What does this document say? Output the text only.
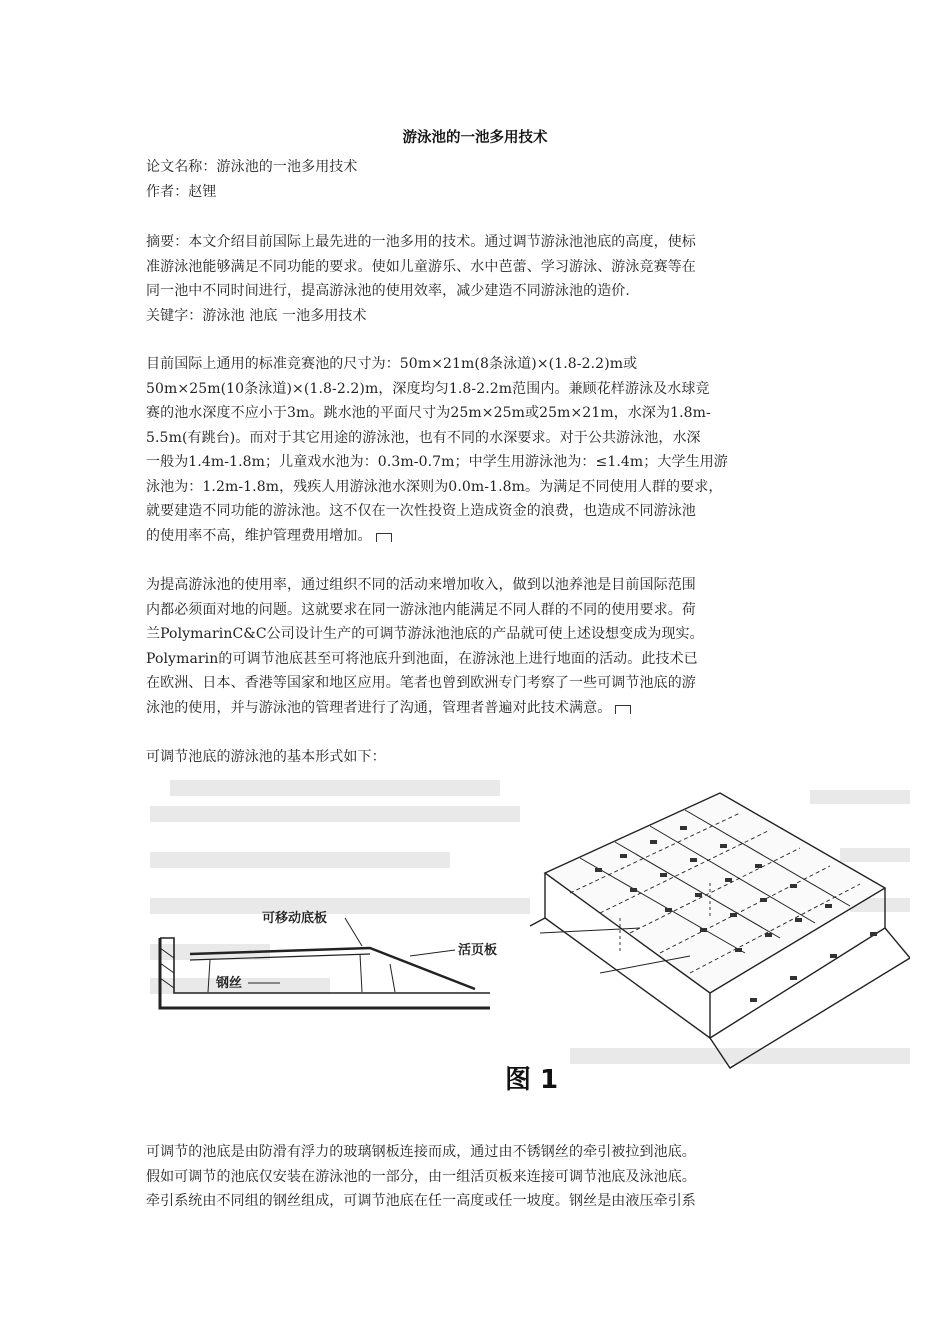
游泳池的一池多用技术
论文名称：游泳池的一池多用技术
作者：赵锂
摘要：本文介绍目前国际上最先进的一池多用的技术。通过调节游泳池池底的高度，使标
准游泳池能够满足不同功能的要求。使如儿童游乐、水中芭蕾、学习游泳、游泳竞赛等在
同一池中不同时间进行，提高游泳池的使用效率，减少建造不同游泳池的造价.
关键字：游泳池 池底 一池多用技术
目前国际上通用的标准竞赛池的尺寸为：50m×21m(8条泳道)×(1.8-2.2)m或
50m×25m(10条泳道)×(1.8-2.2)m，深度均匀1.8-2.2m范围内。兼顾花样游泳及水球竞
赛的池水深度不应小于3m。跳水池的平面尺寸为25m×25m或25m×21m，水深为1.8m-
5.5m(有跳台)。而对于其它用途的游泳池，也有不同的水深要求。对于公共游泳池，水深
一般为1.4m-1.8m；儿童戏水池为：0.3m-0.7m；中学生用游泳池为：≤1.4m；大学生用游
泳池为：1.2m-1.8m，残疾人用游泳池水深则为0.0m-1.8m。为满足不同使用人群的要求，
就要建造不同功能的游泳池。这不仅在一次性投资上造成资金的浪费，也造成不同游泳池
的使用率不高，维护管理费用增加。
为提高游泳池的使用率，通过组织不同的活动来增加收入，做到以池养池是目前国际范围
内都必须面对地的问题。这就要求在同一游泳池内能满足不同人群的不同的使用要求。荷
兰PolymarinC&C公司设计生产的可调节游泳池池底的产品就可使上述设想变成为现实。
Polymarin的可调节池底甚至可将池底升到池面，在游泳池上进行地面的活动。此技术已
在欧洲、日本、香港等国家和地区应用。笔者也曾到欧洲专门考察了一些可调节池底的游
泳池的使用，并与游泳池的管理者进行了沟通，管理者普遍对此技术满意。
可调节池底的游泳池的基本形式如下：
可移动底板
活页板
钢丝
图 1
可调节的池底是由防滑有浮力的玻璃钢板连接而成，通过由不锈钢丝的牵引被拉到池底。
假如可调节的池底仅安装在游泳池的一部分，由一组活页板来连接可调节池底及泳池底。
牵引系统由不同组的钢丝组成，可调节池底在任一高度或任一坡度。钢丝是由液压牵引系
